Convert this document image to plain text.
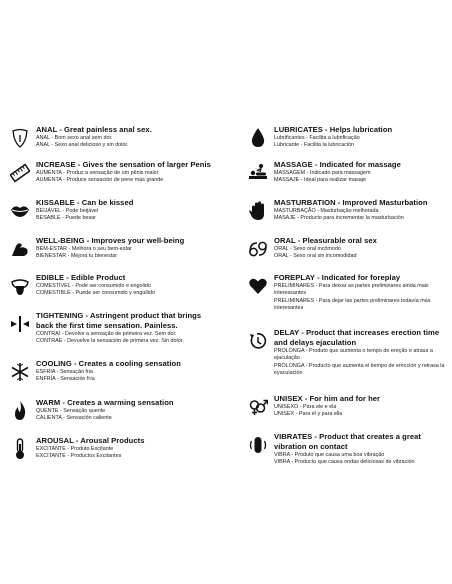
ANAL - Great painless anal sex.
ANAL - Bom sexo anal sem dor.
ANAL - Sexo anal delicioso y sin dolor.
INCREASE - Gives the sensation of larger Penis
AUMENTA - Produz a sensação de um pênis maior
AUMENTA - Produce sensación de pene más grande
KISSABLE - Can be kissed
BEIJÁVEL - Pode beijável
BESABLE - Puede besar
WELL-BEING - Improves your well-being
BEM-ESTAR - Melhora o seu bem-estar
BIENESTAR - Mejora tu bienestar
EDIBLE - Edible Product
COMESTÍVEL - Pode ser consumido e engolido
COMESTIBLE - Puede ser consumido y engullido
TIGHTENING - Astringent product that brings back the first time sensation. Painless.
CONTRAI - Devolve a sensação de primeira vez. Sem dor.
CONTRAE - Devuelve la sensación de primera vez. Sin dolor.
COOLING - Creates a cooling sensation
ESFRIA - Sensação fria
ENFRÍA - Sensación fría
WARM - Creates a warming sensation
QUENTE - Sensação quente
CALIENTA - Sensación caliente
AROUSAL - Arousal Products
EXCITANTE - Produto Excitante
EXCITANTE - Productos Excitantes
LUBRICATES - Helps lubrication
Lubrificantes - Facilita a lubrificação
Lubricante - Facilita la lubricación
MASSAGE - Indicated for massage
MASSAGEM - Indicado para massagem
MASSAJE - Ideal para realizar masaje
MASTURBATION - Improved Masturbation
MASTURBAÇÃO - Masturbação melhorada
MASAJE - Producto para incrementar la masturbación
ORAL - Pleasurable oral sex
ORAL - Sexo oral incômodo
ORAL - Sexo oral sin incomodidad
FOREPLAY - Indicated for foreplay
PRELIMINARES - Para deixar as partes preliminares ainda mais interessantes
PRELIMINARES - Para dejar las partes preliminares todavía más interesantes
DELAY - Product that increases erection time and delays ejaculation
PROLONGA - Produto que aumenta o tempo de ereção e atrasa a ejaculação
PROLONGA - Producto que aumenta el tiempo de erección y retrasa la eyaculación
UNISEX - For him and for her
UNISEXO - Para ele e ela
UNISEX - Para él y para ella
VIBRATES - Product that creates a great vibration on contact
VIBRA - Produto que causa uma boa vibração
VIBRA - Producto que causa ondas deliciosas de vibración
